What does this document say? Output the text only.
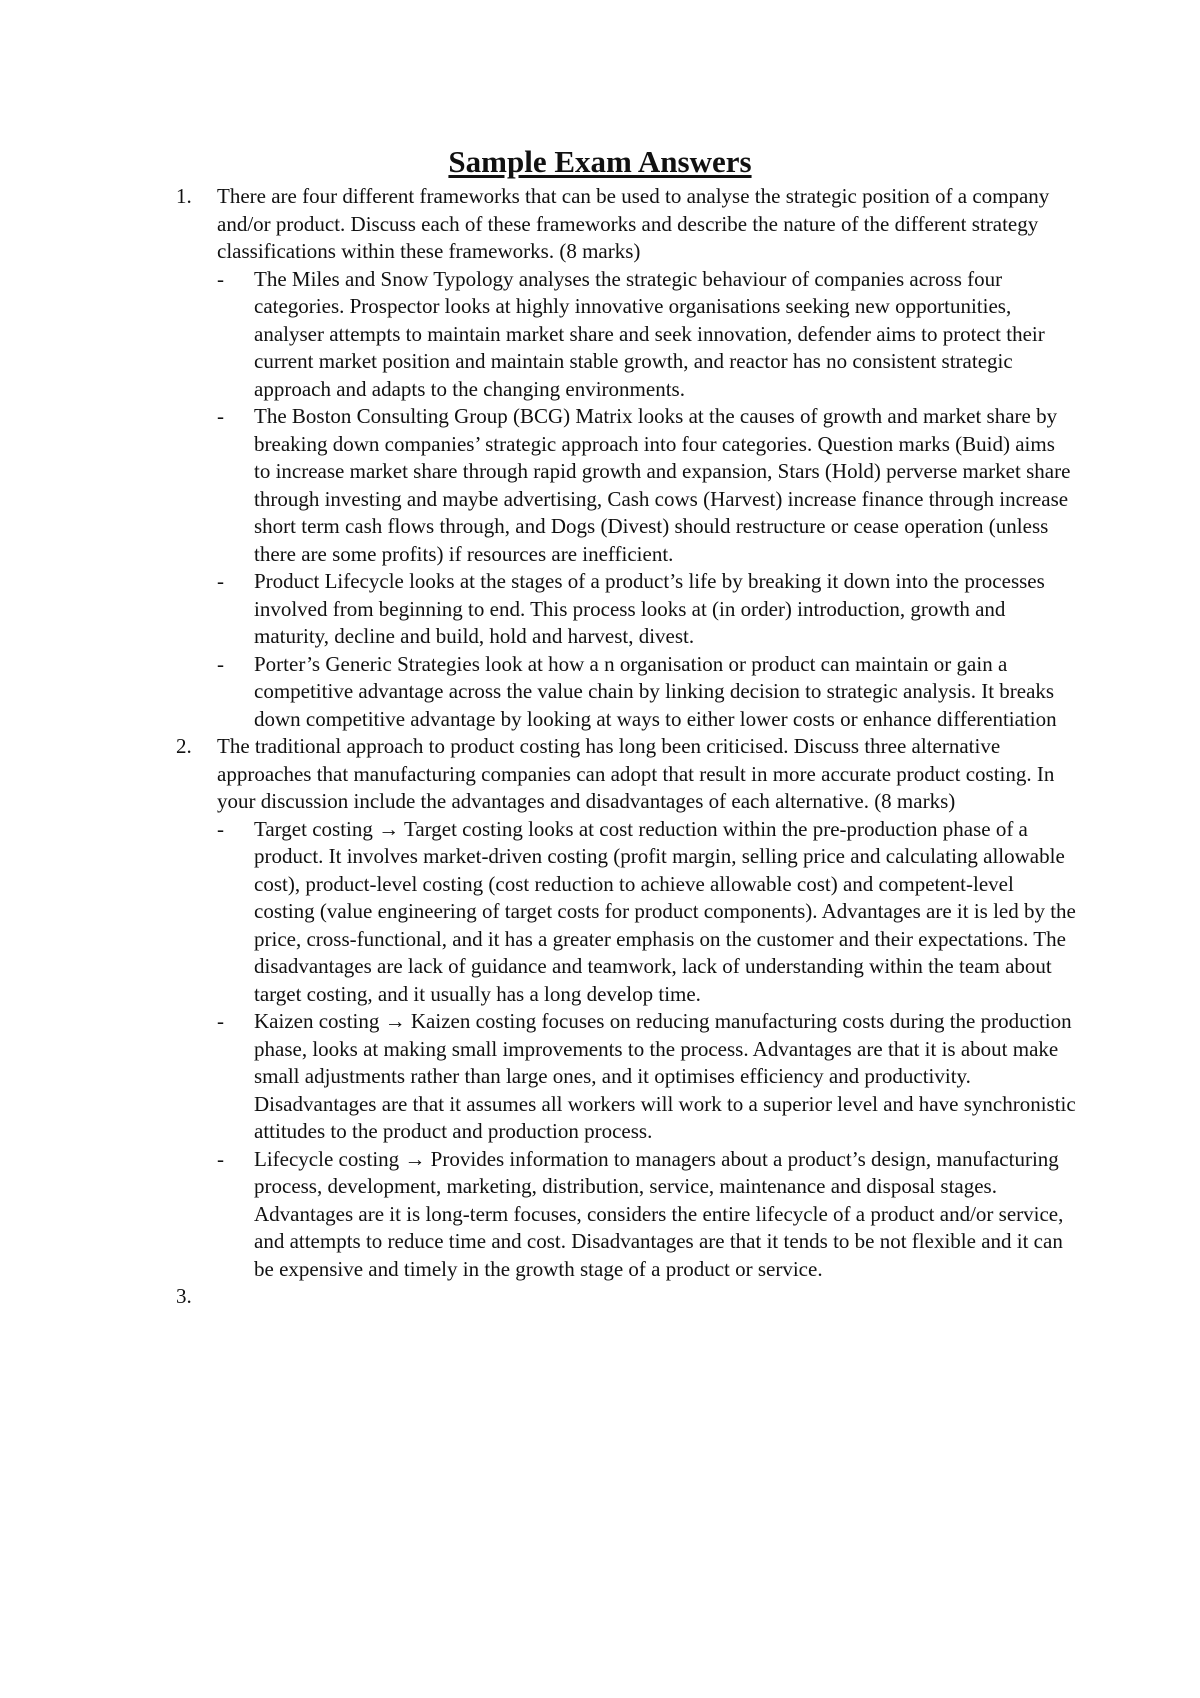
Sample Exam Answers
1. There are four different frameworks that can be used to analyse the strategic position of a company and/or product. Discuss each of these frameworks and describe the nature of the different strategy classifications within these frameworks. (8 marks)
- The Miles and Snow Typology analyses the strategic behaviour of companies across four categories. Prospector looks at highly innovative organisations seeking new opportunities, analyser attempts to maintain market share and seek innovation, defender aims to protect their current market position and maintain stable growth, and reactor has no consistent strategic approach and adapts to the changing environments.
- The Boston Consulting Group (BCG) Matrix looks at the causes of growth and market share by breaking down companies’ strategic approach into four categories. Question marks (Buid) aims to increase market share through rapid growth and expansion, Stars (Hold) perverse market share through investing and maybe advertising, Cash cows (Harvest) increase finance through increase short term cash flows through, and Dogs (Divest) should restructure or cease operation (unless there are some profits) if resources are inefficient.
- Product Lifecycle looks at the stages of a product’s life by breaking it down into the processes involved from beginning to end. This process looks at (in order) introduction, growth and maturity, decline and build, hold and harvest, divest.
- Porter’s Generic Strategies look at how a n organisation or product can maintain or gain a competitive advantage across the value chain by linking decision to strategic analysis. It breaks down competitive advantage by looking at ways to either lower costs or enhance differentiation
2. The traditional approach to product costing has long been criticised. Discuss three alternative approaches that manufacturing companies can adopt that result in more accurate product costing. In your discussion include the advantages and disadvantages of each alternative. (8 marks)
- Target costing → Target costing looks at cost reduction within the pre-production phase of a product. It involves market-driven costing (profit margin, selling price and calculating allowable cost), product-level costing (cost reduction to achieve allowable cost) and competent-level costing (value engineering of target costs for product components). Advantages are it is led by the price, cross-functional, and it has a greater emphasis on the customer and their expectations. The disadvantages are lack of guidance and teamwork, lack of understanding within the team about target costing, and it usually has a long develop time.
- Kaizen costing → Kaizen costing focuses on reducing manufacturing costs during the production phase, looks at making small improvements to the process. Advantages are that it is about make small adjustments rather than large ones, and it optimises efficiency and productivity. Disadvantages are that it assumes all workers will work to a superior level and have synchronistic attitudes to the product and production process.
- Lifecycle costing → Provides information to managers about a product’s design, manufacturing process, development, marketing, distribution, service, maintenance and disposal stages. Advantages are it is long-term focuses, considers the entire lifecycle of a product and/or service, and attempts to reduce time and cost. Disadvantages are that it tends to be not flexible and it can be expensive and timely in the growth stage of a product or service.
3.
